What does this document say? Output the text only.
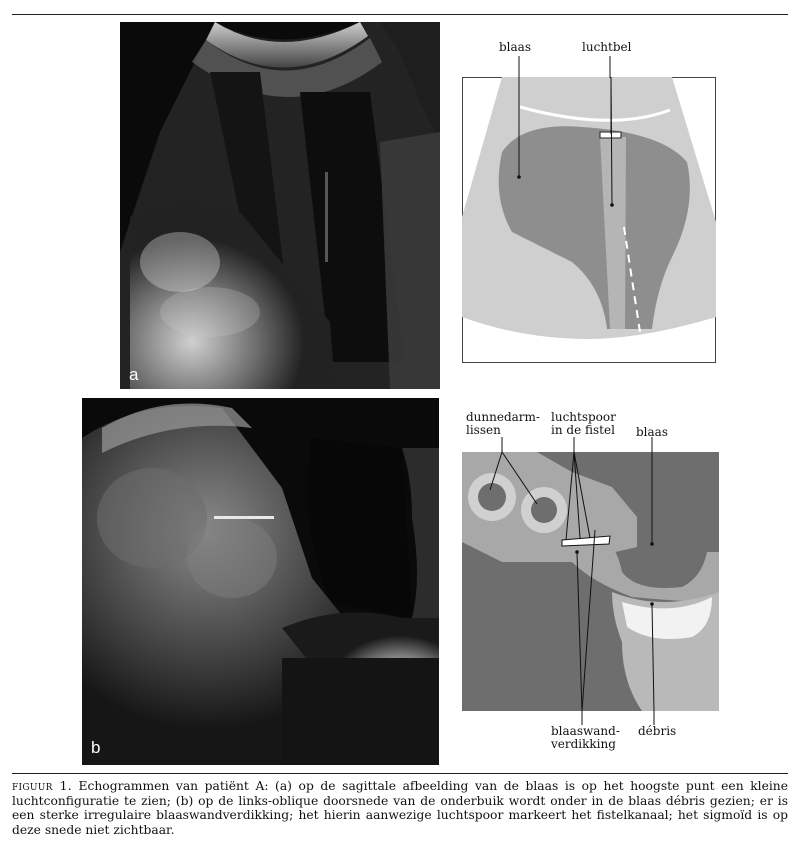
a
blaas	luchtbel
b
dunnedarm-
lissen
luchtspoor
in de fistel blaas
blaaswand-
verdikking
débris
figuur 1. Echogrammen van patiënt A: (a) op de sagittale afbeelding van de blaas is op het hoogste punt een kleine luchtconfiguratie te zien; (b) op de links-oblique doorsnede van de onderbuik wordt onder in de blaas débris gezien; er is een sterke irregulaire blaaswandverdikking; het hierin aanwezige luchtspoor markeert het fistelkanaal; het sigmoïd is op deze snede niet zichtbaar.
